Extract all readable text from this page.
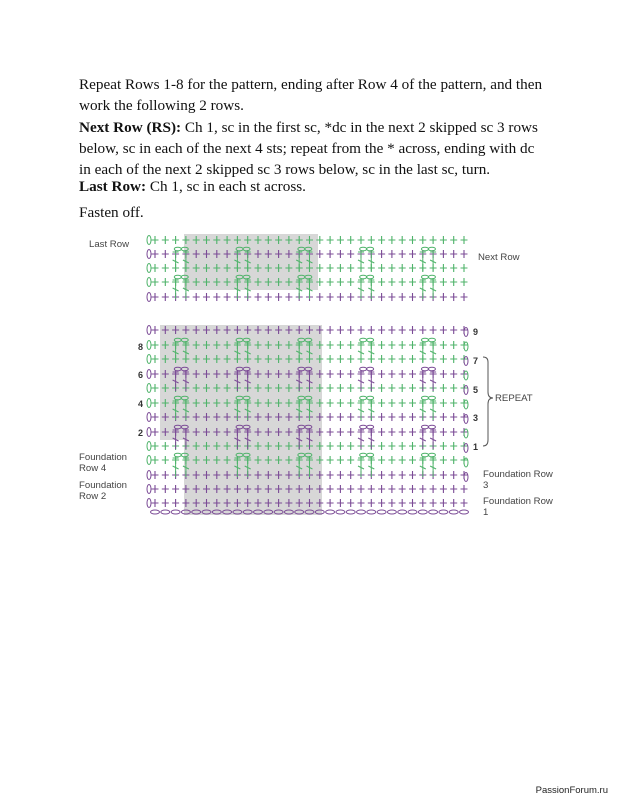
Repeat Rows 1-8 for the pattern, ending after Row 4 of the pattern, and then work the following 2 rows.

Next Row (RS): Ch 1, sc in the first sc, *dc in the next 2 skipped sc 3 rows below, sc in each of the next 4 sts; repeat from the * across, ending with dc in each of the next 2 skipped sc 3 rows below, sc in the last sc, turn.

Last Row: Ch 1, sc in each st across.

Fasten off.

Last Row
Next Row
8
6
4
2
Foundation Row 4
Foundation Row 2
9
7
5
3
1
REPEAT
Foundation Row 3
Foundation Row 1
PassionForum.ru
